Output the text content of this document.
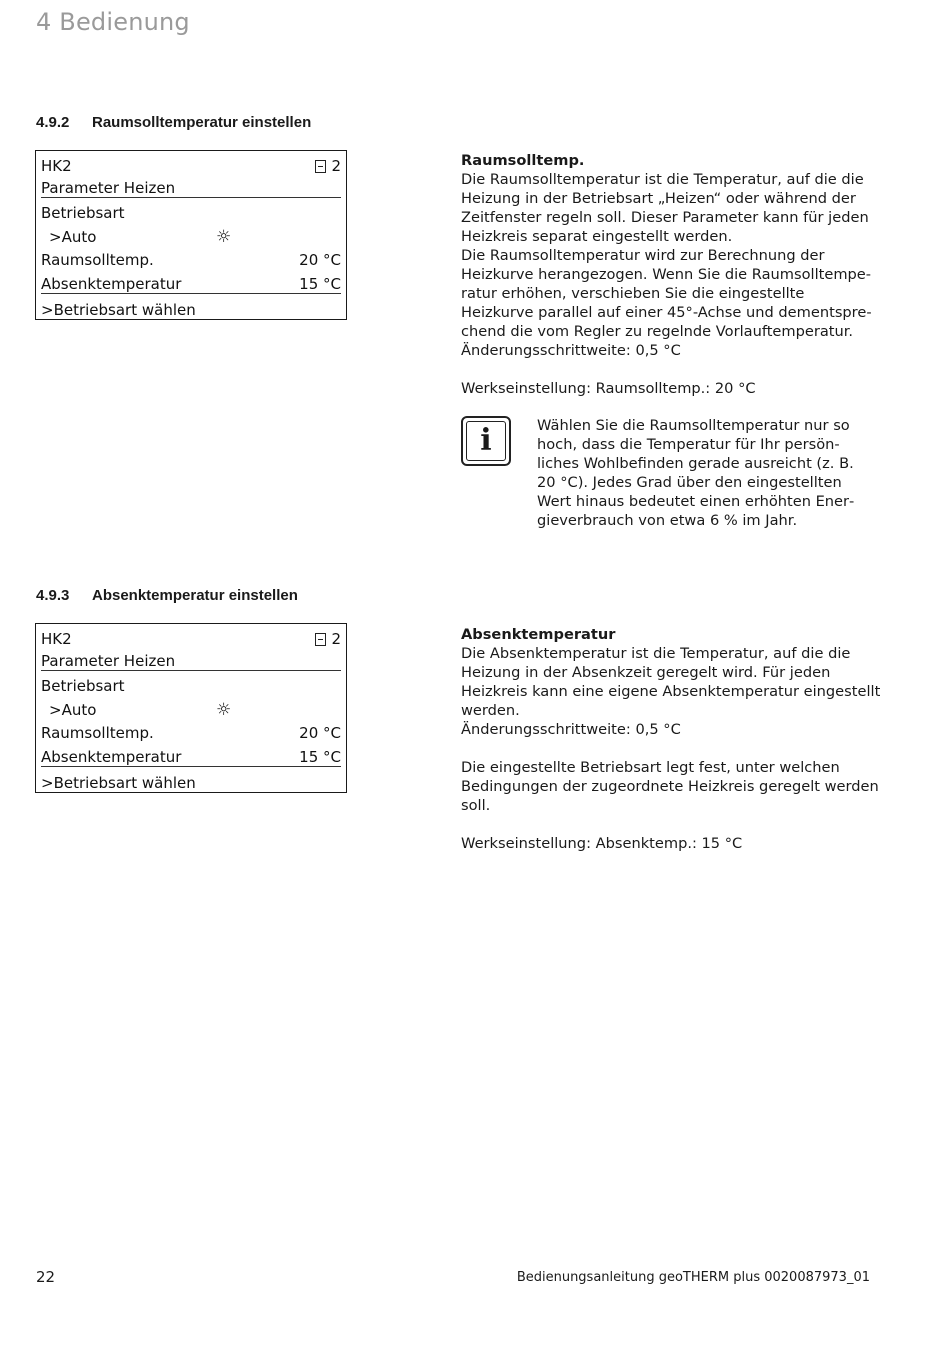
4 Bedienung
4.9.2 Raumsolltemperatur einstellen
HK2	2
Parameter Heizen
Betriebsart
>Auto	☼
Raumsolltemp.	20 °C
Absenktemperatur	15 °C
>Betriebsart wählen

Raumsolltemp.

Die Raumsolltemperatur ist die Temperatur, auf die die Heizung in der Betriebsart „Heizen“ oder während der Zeitfenster regeln soll. Dieser Parameter kann für jeden Heizkreis separat eingestellt werden.

Die Raumsolltemperatur wird zur Berechnung der Heizkurve herangezogen. Wenn Sie die Raumsolltemperatur erhöhen, verschieben Sie die eingestellte Heizkurve parallel auf einer 45°-Achse und dementsprechend die vom Regler zu regelnde Vorlauftemperatur.

Änderungsschrittweite: 0,5 °C

Werkseinstellung: Raumsolltemp.: 20 °C

i	Wählen Sie die Raumsolltemperatur nur so hoch, dass die Temperatur für Ihr persönliches Wohlbefinden gerade ausreicht (z. B. 20 °C). Jedes Grad über den eingestellten Wert hinaus bedeutet einen erhöhten Energieverbrauch von etwa 6 % im Jahr.
4.9.3 Absenktemperatur einstellen
HK2	2
Parameter Heizen
Betriebsart
>Auto	☼
Raumsolltemp.	20 °C
Absenktemperatur	15 °C
>Betriebsart wählen

Absenktemperatur

Die Absenktemperatur ist die Temperatur, auf die die Heizung in der Absenkzeit geregelt wird. Für jeden Heizkreis kann eine eigene Absenktemperatur eingestellt werden.

Änderungsschrittweite: 0,5 °C

Die eingestellte Betriebsart legt fest, unter welchen Bedingungen der zugeordnete Heizkreis geregelt werden soll.

Werkseinstellung: Absenktemp.: 15 °C

22	Bedienungsanleitung geoTHERM plus 0020087973_01
